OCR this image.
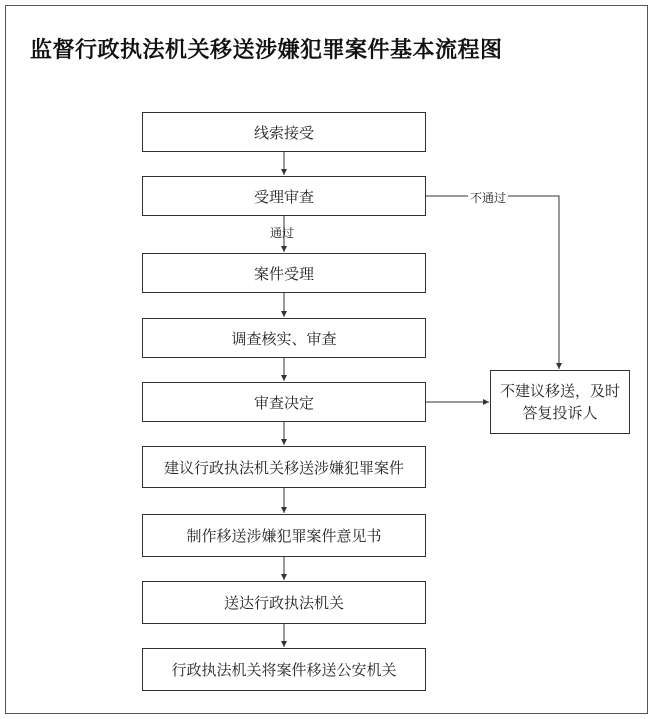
监督行政执法机关移送涉嫌犯罪案件基本流程图
线索接受
受理审查
案件受理
调查核实、审查
审查决定
建议行政执法机关移送涉嫌犯罪案件
制作移送涉嫌犯罪案件意见书
送达行政执法机关
行政执法机关将案件移送公安机关
不建议移送，及时
答复投诉人
通过
不通过
